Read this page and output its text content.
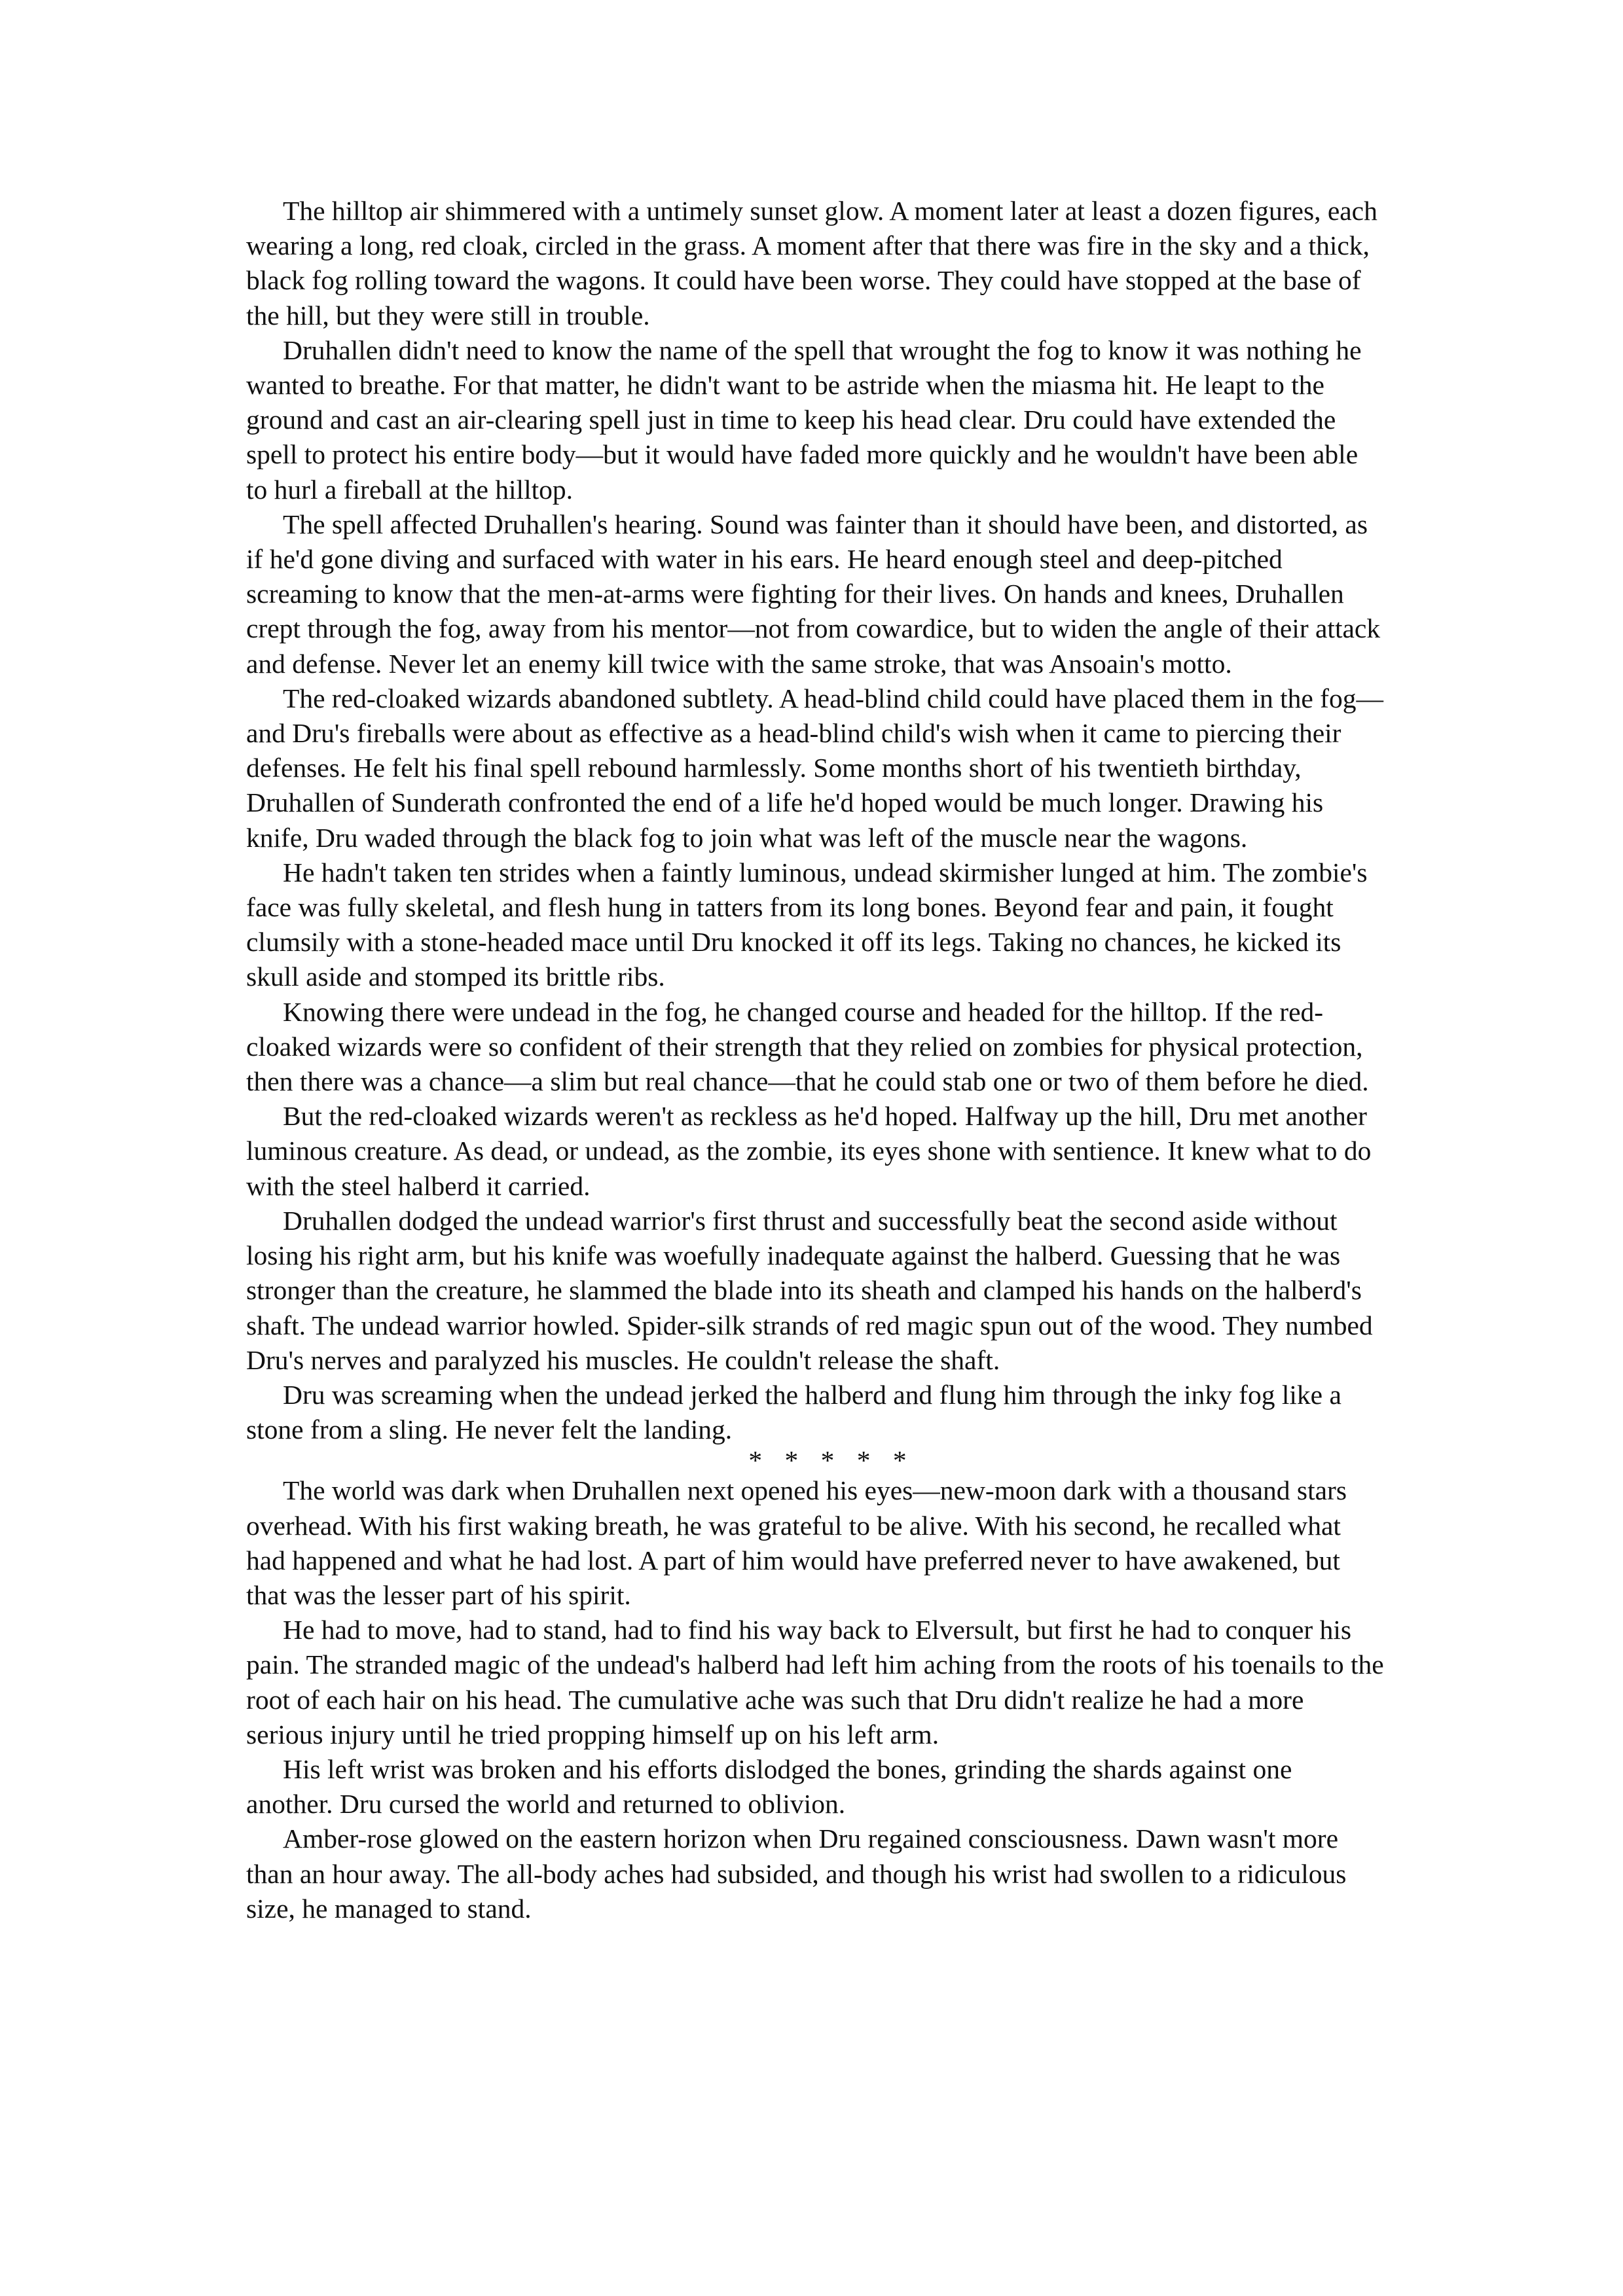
The hilltop air shimmered with a untimely sunset glow. A moment later at least a dozen figures, each wearing a long, red cloak, circled in the grass. A moment after that there was fire in the sky and a thick, black fog rolling toward the wagons. It could have been worse. They could have stopped at the base of the hill, but they were still in trouble.

Druhallen didn't need to know the name of the spell that wrought the fog to know it was nothing he wanted to breathe. For that matter, he didn't want to be astride when the miasma hit. He leapt to the ground and cast an air-clearing spell just in time to keep his head clear. Dru could have extended the spell to protect his entire body—but it would have faded more quickly and he wouldn't have been able to hurl a fireball at the hilltop.

The spell affected Druhallen's hearing. Sound was fainter than it should have been, and distorted, as if he'd gone diving and surfaced with water in his ears. He heard enough steel and deep-pitched screaming to know that the men-at-arms were fighting for their lives. On hands and knees, Druhallen crept through the fog, away from his mentor—not from cowardice, but to widen the angle of their attack and defense. Never let an enemy kill twice with the same stroke, that was Ansoain's motto.

The red-cloaked wizards abandoned subtlety. A head-blind child could have placed them in the fog—and Dru's fireballs were about as effective as a head-blind child's wish when it came to piercing their defenses. He felt his final spell rebound harmlessly. Some months short of his twentieth birthday, Druhallen of Sunderath confronted the end of a life he'd hoped would be much longer. Drawing his knife, Dru waded through the black fog to join what was left of the muscle near the wagons.

He hadn't taken ten strides when a faintly luminous, undead skirmisher lunged at him. The zombie's face was fully skeletal, and flesh hung in tatters from its long bones. Beyond fear and pain, it fought clumsily with a stone-headed mace until Dru knocked it off its legs. Taking no chances, he kicked its skull aside and stomped its brittle ribs.

Knowing there were undead in the fog, he changed course and headed for the hilltop. If the red-cloaked wizards were so confident of their strength that they relied on zombies for physical protection, then there was a chance—a slim but real chance—that he could stab one or two of them before he died.

But the red-cloaked wizards weren't as reckless as he'd hoped. Halfway up the hill, Dru met another luminous creature. As dead, or undead, as the zombie, its eyes shone with sentience. It knew what to do with the steel halberd it carried.

Druhallen dodged the undead warrior's first thrust and successfully beat the second aside without losing his right arm, but his knife was woefully inadequate against the halberd. Guessing that he was stronger than the creature, he slammed the blade into its sheath and clamped his hands on the halberd's shaft. The undead warrior howled. Spider-silk strands of red magic spun out of the wood. They numbed Dru's nerves and paralyzed his muscles. He couldn't release the shaft.

Dru was screaming when the undead jerked the halberd and flung him through the inky fog like a stone from a sling. He never felt the landing.

* * * * *

The world was dark when Druhallen next opened his eyes—new-moon dark with a thousand stars overhead. With his first waking breath, he was grateful to be alive. With his second, he recalled what had happened and what he had lost. A part of him would have preferred never to have awakened, but that was the lesser part of his spirit.

He had to move, had to stand, had to find his way back to Elversult, but first he had to conquer his pain. The stranded magic of the undead's halberd had left him aching from the roots of his toenails to the root of each hair on his head. The cumulative ache was such that Dru didn't realize he had a more serious injury until he tried propping himself up on his left arm.

His left wrist was broken and his efforts dislodged the bones, grinding the shards against one another. Dru cursed the world and returned to oblivion.

Amber-rose glowed on the eastern horizon when Dru regained consciousness. Dawn wasn't more than an hour away. The all-body aches had subsided, and though his wrist had swollen to a ridiculous size, he managed to stand.
